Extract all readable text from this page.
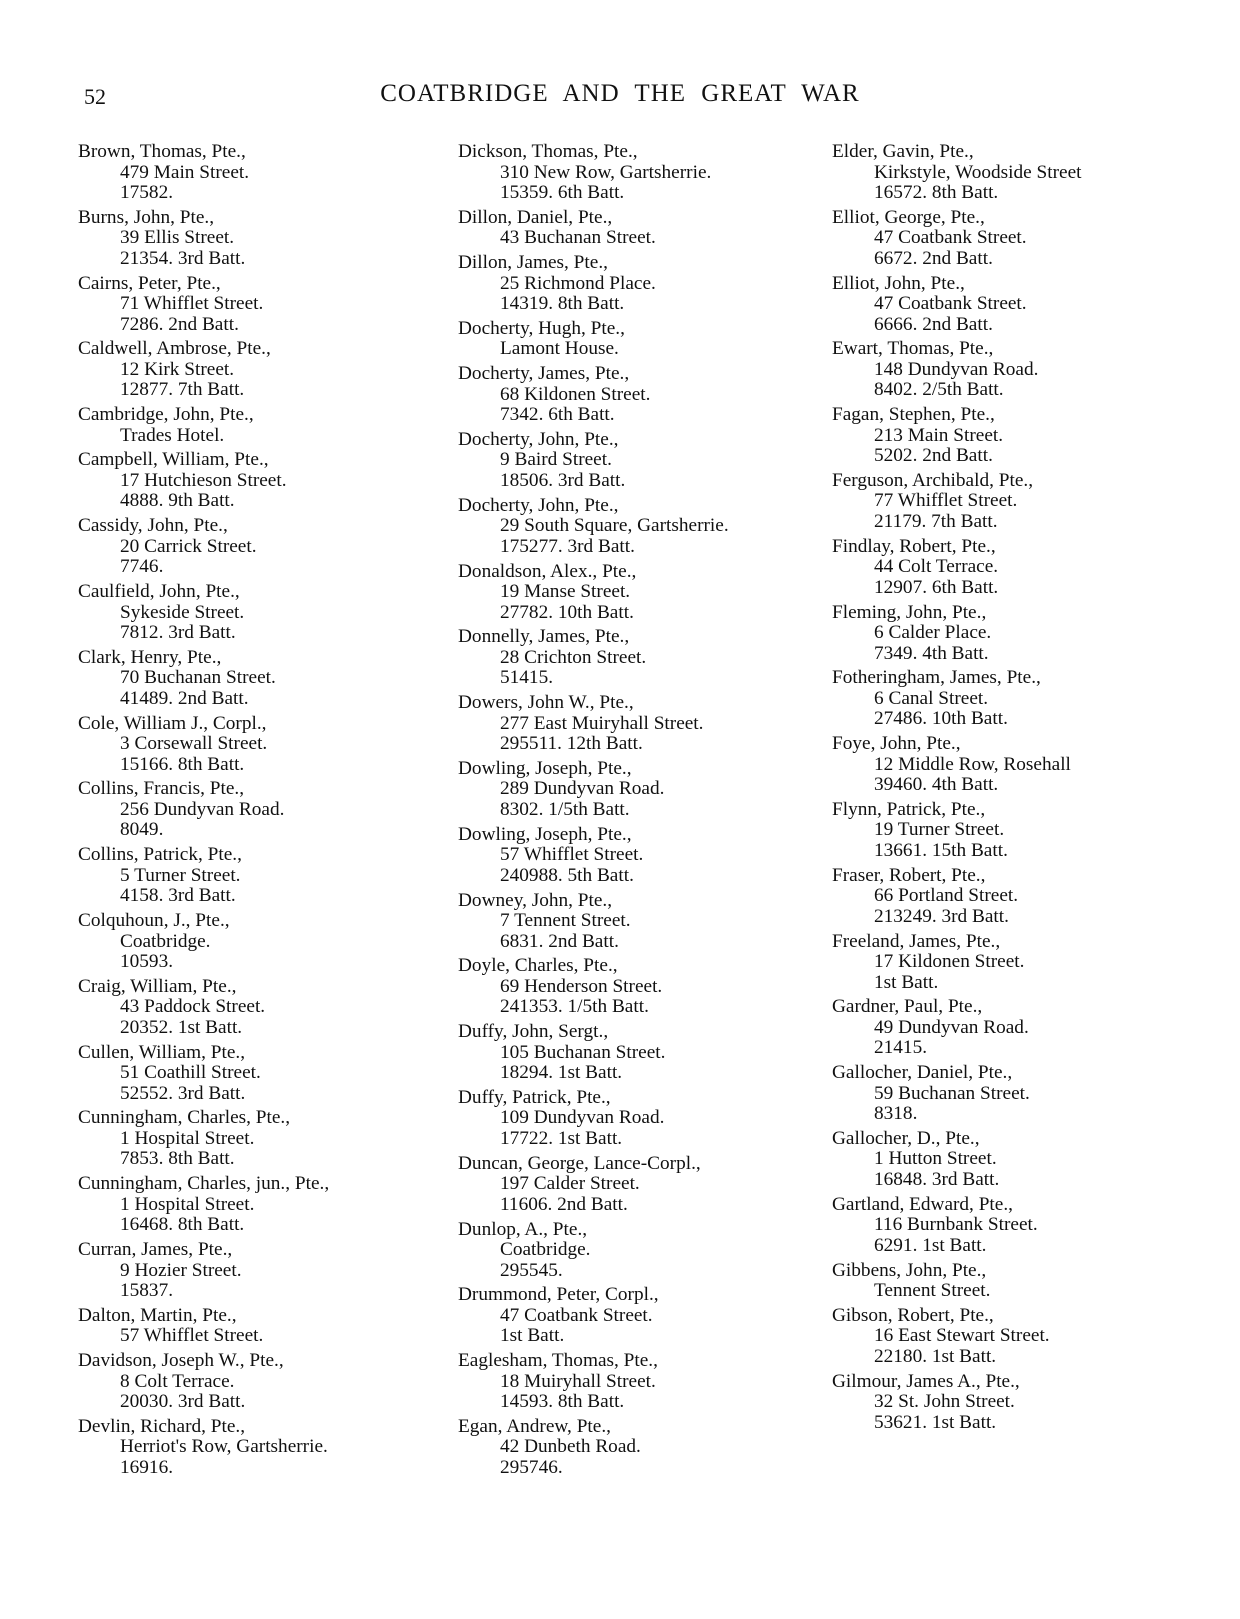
52	COATBRIDGE AND THE GREAT WAR
Brown, Thomas, Pte.,
479 Main Street.
17582.
Burns, John, Pte.,
39 Ellis Street.
21354. 3rd Batt.
Cairns, Peter, Pte.,
71 Whifflet Street.
7286. 2nd Batt.
Caldwell, Ambrose, Pte.,
12 Kirk Street.
12877. 7th Batt.
Cambridge, John, Pte.,
Trades Hotel.
Campbell, William, Pte.,
17 Hutchieson Street.
4888. 9th Batt.
Cassidy, John, Pte.,
20 Carrick Street.
7746.
Caulfield, John, Pte.,
Sykeside Street.
7812. 3rd Batt.
Clark, Henry, Pte.,
70 Buchanan Street.
41489. 2nd Batt.
Cole, William J., Corpl.,
3 Corsewall Street.
15166. 8th Batt.
Collins, Francis, Pte.,
256 Dundyvan Road.
8049.
Collins, Patrick, Pte.,
5 Turner Street.
4158. 3rd Batt.
Colquhoun, J., Pte.,
Coatbridge.
10593.
Craig, William, Pte.,
43 Paddock Street.
20352. 1st Batt.
Cullen, William, Pte.,
51 Coathill Street.
52552. 3rd Batt.
Cunningham, Charles, Pte.,
1 Hospital Street.
7853. 8th Batt.
Cunningham, Charles, jun., Pte.,
1 Hospital Street.
16468. 8th Batt.
Curran, James, Pte.,
9 Hozier Street.
15837.
Dalton, Martin, Pte.,
57 Whifflet Street.
Davidson, Joseph W., Pte.,
8 Colt Terrace.
20030. 3rd Batt.
Devlin, Richard, Pte.,
Herriot's Row, Gartsherrie.
16916.
Dickson, Thomas, Pte.,
310 New Row, Gartsherrie.
15359. 6th Batt.
Dillon, Daniel, Pte.,
43 Buchanan Street.
Dillon, James, Pte.,
25 Richmond Place.
14319. 8th Batt.
Docherty, Hugh, Pte.,
Lamont House.
Docherty, James, Pte.,
68 Kildonen Street.
7342. 6th Batt.
Docherty, John, Pte.,
9 Baird Street.
18506. 3rd Batt.
Docherty, John, Pte.,
29 South Square, Gartsherrie.
175277. 3rd Batt.
Donaldson, Alex., Pte.,
19 Manse Street.
27782. 10th Batt.
Donnelly, James, Pte.,
28 Crichton Street.
51415.
Dowers, John W., Pte.,
277 East Muiryhall Street.
295511. 12th Batt.
Dowling, Joseph, Pte.,
289 Dundyvan Road.
8302. 1/5th Batt.
Dowling, Joseph, Pte.,
57 Whifflet Street.
240988. 5th Batt.
Downey, John, Pte.,
7 Tennent Street.
6831. 2nd Batt.
Doyle, Charles, Pte.,
69 Henderson Street.
241353. 1/5th Batt.
Duffy, John, Sergt.,
105 Buchanan Street.
18294. 1st Batt.
Duffy, Patrick, Pte.,
109 Dundyvan Road.
17722. 1st Batt.
Duncan, George, Lance-Corpl.,
197 Calder Street.
11606. 2nd Batt.
Dunlop, A., Pte.,
Coatbridge.
295545.
Drummond, Peter, Corpl.,
47 Coatbank Street.
1st Batt.
Eaglesham, Thomas, Pte.,
18 Muiryhall Street.
14593. 8th Batt.
Egan, Andrew, Pte.,
42 Dunbeth Road.
295746.
Elder, Gavin, Pte.,
Kirkstyle, Woodside Street
16572. 8th Batt.
Elliot, George, Pte.,
47 Coatbank Street.
6672. 2nd Batt.
Elliot, John, Pte.,
47 Coatbank Street.
6666. 2nd Batt.
Ewart, Thomas, Pte.,
148 Dundyvan Road.
8402. 2/5th Batt.
Fagan, Stephen, Pte.,
213 Main Street.
5202. 2nd Batt.
Ferguson, Archibald, Pte.,
77 Whifflet Street.
21179. 7th Batt.
Findlay, Robert, Pte.,
44 Colt Terrace.
12907. 6th Batt.
Fleming, John, Pte.,
6 Calder Place.
7349. 4th Batt.
Fotheringham, James, Pte.,
6 Canal Street.
27486. 10th Batt.
Foye, John, Pte.,
12 Middle Row, Rosehall
39460. 4th Batt.
Flynn, Patrick, Pte.,
19 Turner Street.
13661. 15th Batt.
Fraser, Robert, Pte.,
66 Portland Street.
213249. 3rd Batt.
Freeland, James, Pte.,
17 Kildonen Street.
1st Batt.
Gardner, Paul, Pte.,
49 Dundyvan Road.
21415.
Gallocher, Daniel, Pte.,
59 Buchanan Street.
8318.
Gallocher, D., Pte.,
1 Hutton Street.
16848. 3rd Batt.
Gartland, Edward, Pte.,
116 Burnbank Street.
6291. 1st Batt.
Gibbens, John, Pte.,
Tennent Street.
Gibson, Robert, Pte.,
16 East Stewart Street.
22180. 1st Batt.
Gilmour, James A., Pte.,
32 St. John Street.
53621. 1st Batt.
